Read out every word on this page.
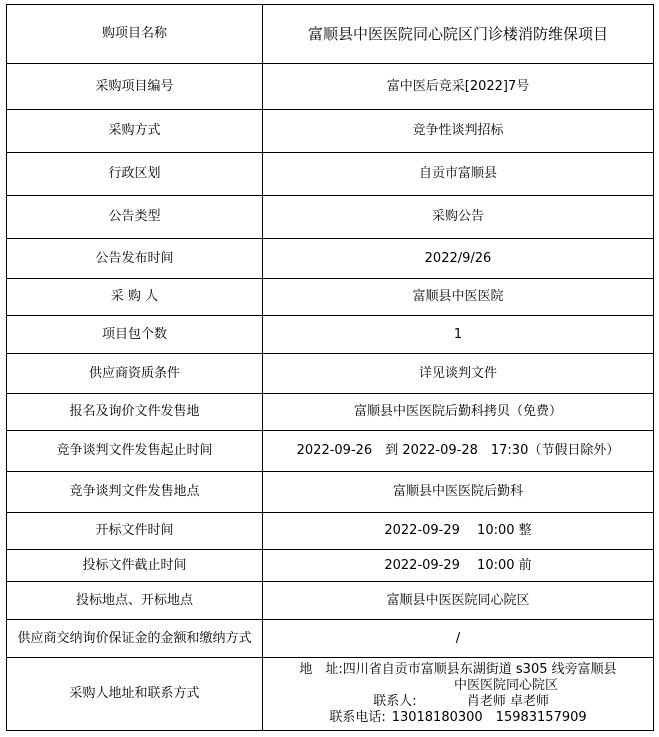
购项目名称	富顺县中医医院同心院区门诊楼消防维保项目
采购项目编号	富中医后竞采[2022]7号
采购方式	竞争性谈判招标
行政区划	自贡市富顺县
公告类型	采购公告
公告发布时间	2022/9/26
采 购 人	富顺县中医医院
项目包个数	1
供应商资质条件	详见谈判文件
报名及询价文件发售地	富顺县中医医院后勤科拷贝（免费）
竞争谈判文件发售起止时间	2022-09-26　到 2022-09-28　17:30（节假日除外）
竞争谈判文件发售地点	富顺县中医医院后勤科
开标文件时间	2022-09-29　 10:00 整
投标文件截止时间	2022-09-29　 10:00 前
投标地点、开标地点	富顺县中医医院同心院区
供应商交纳询价保证金的金额和缴纳方式	/
采购人地址和联系方式	地　址:四川省自贡市富顺县东湖街道 s305 线旁富顺县
中医医院同心院区
联系人: 肖老师 卓老师
联系电话: 13018180300　15983157909
